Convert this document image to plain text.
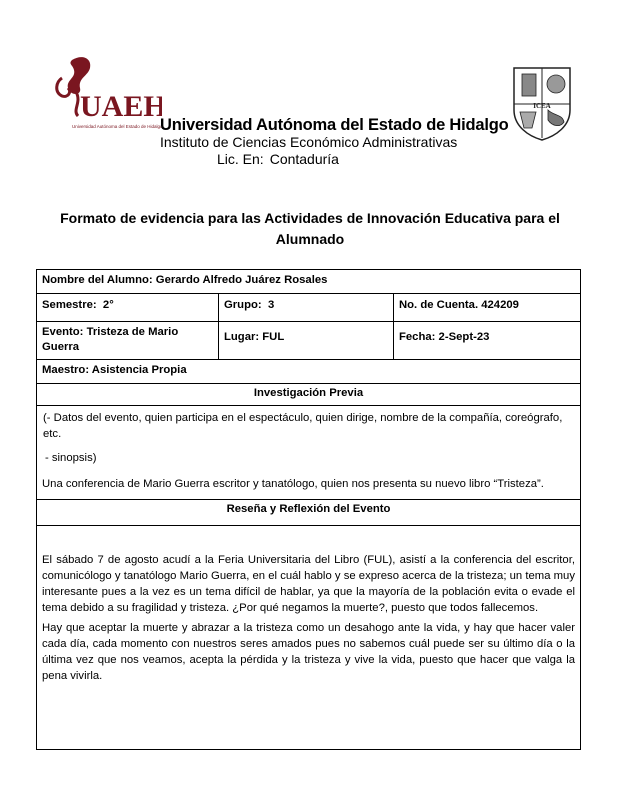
UAEH
Universidad Autónoma del Estado de Hidalgo
ICEA
Universidad Autónoma del Estado de Hidalgo
Instituto de Ciencias Económico Administrativas
Lic. En: Contaduría
Formato de evidencia para las Actividades de Innovación Educativa para el Alumnado
Nombre del Alumno: Gerardo Alfredo Juárez Rosales
Semestre: 2°	Grupo: 3	No. de Cuenta. 424209
Evento: Tristeza de Mario Guerra
Lugar: FUL	Fecha: 2-Sept-23
Maestro: Asistencia Propia
Investigación Previa
(- Datos del evento, quien participa en el espectáculo, quien dirige, nombre de la compañía, coreógrafo, etc.
- sinopsis)
Una conferencia de Mario Guerra escritor y tanatólogo, quien nos presenta su nuevo libro “Tristeza”.
Reseña y Reflexión del Evento
El sábado 7 de agosto acudí a la Feria Universitaria del Libro (FUL), asistí a la conferencia del escritor, comunicólogo y tanatólogo Mario Guerra, en el cuál hablo y se expreso acerca de la tristeza; un tema muy interesante pues a la vez es un tema difícil de hablar, ya que la mayoría de la población evita o evade el tema debido a su fragilidad y tristeza. ¿Por qué negamos la muerte?, puesto que todos fallecemos.
Hay que aceptar la muerte y abrazar a la tristeza como un desahogo ante la vida, y hay que hacer valer cada día, cada momento con nuestros seres amados pues no sabemos cuál puede ser su último día o la última vez que nos veamos, acepta la pérdida y la tristeza y vive la vida, puesto que hacer que valga la pena vivirla.
